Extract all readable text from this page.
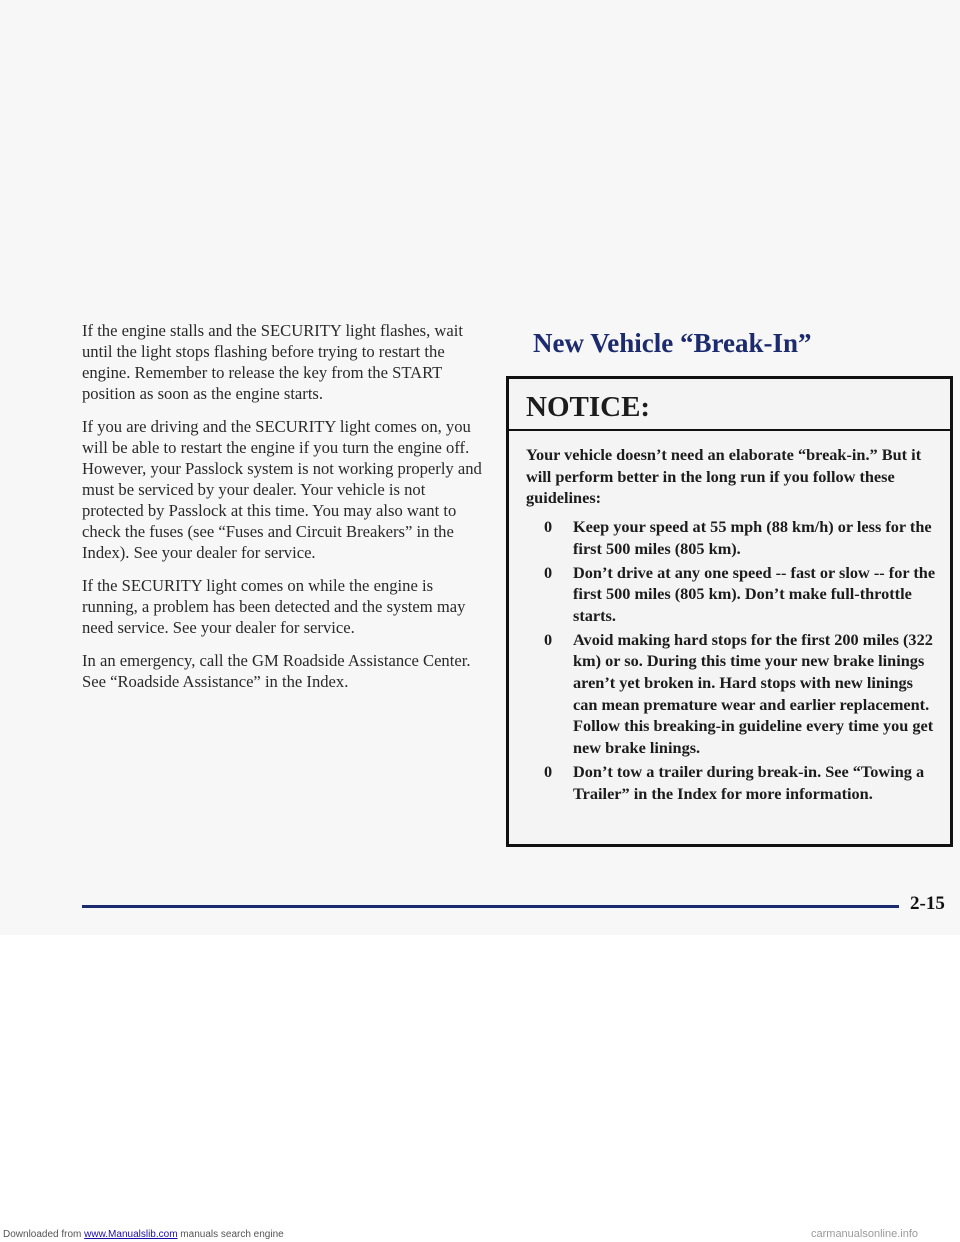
If the engine stalls and the SECURITY light flashes, wait until the light stops flashing before trying to restart the engine. Remember to release the key from the START position as soon as the engine starts.

If you are driving and the SECURITY light comes on, you will be able to restart the engine if you turn the engine off. However, your Passlock system is not working properly and must be serviced by your dealer. Your vehicle is not protected by Passlock at this time. You may also want to check the fuses (see “Fuses and Circuit Breakers” in the Index). See your dealer for service.

If the SECURITY light comes on while the engine is running, a problem has been detected and the system may need service. See your dealer for service.

In an emergency, call the GM Roadside Assistance Center. See “Roadside Assistance” in the Index.

New Vehicle “Break-In”
NOTICE:

Your vehicle doesn’t need an elaborate “break-in.” But it will perform better in the long run if you follow these guidelines:

0 Keep your speed at 55 mph (88 km/h) or less for the first 500 miles (805 km).
0 Don’t drive at any one speed -- fast or slow -- for the first 500 miles (805 km). Don’t make full-throttle starts.
0 Avoid making hard stops for the first 200 miles (322 km) or so. During this time your new brake linings aren’t yet broken in. Hard stops with new linings can mean premature wear and earlier replacement. Follow this breaking-in guideline every time you get new brake linings.
0 Don’t tow a trailer during break-in. See “Towing a Trailer” in the Index for more information.

2-15

Downloaded from www.Manualslib.com manuals search engine	carmanualsonline.info
